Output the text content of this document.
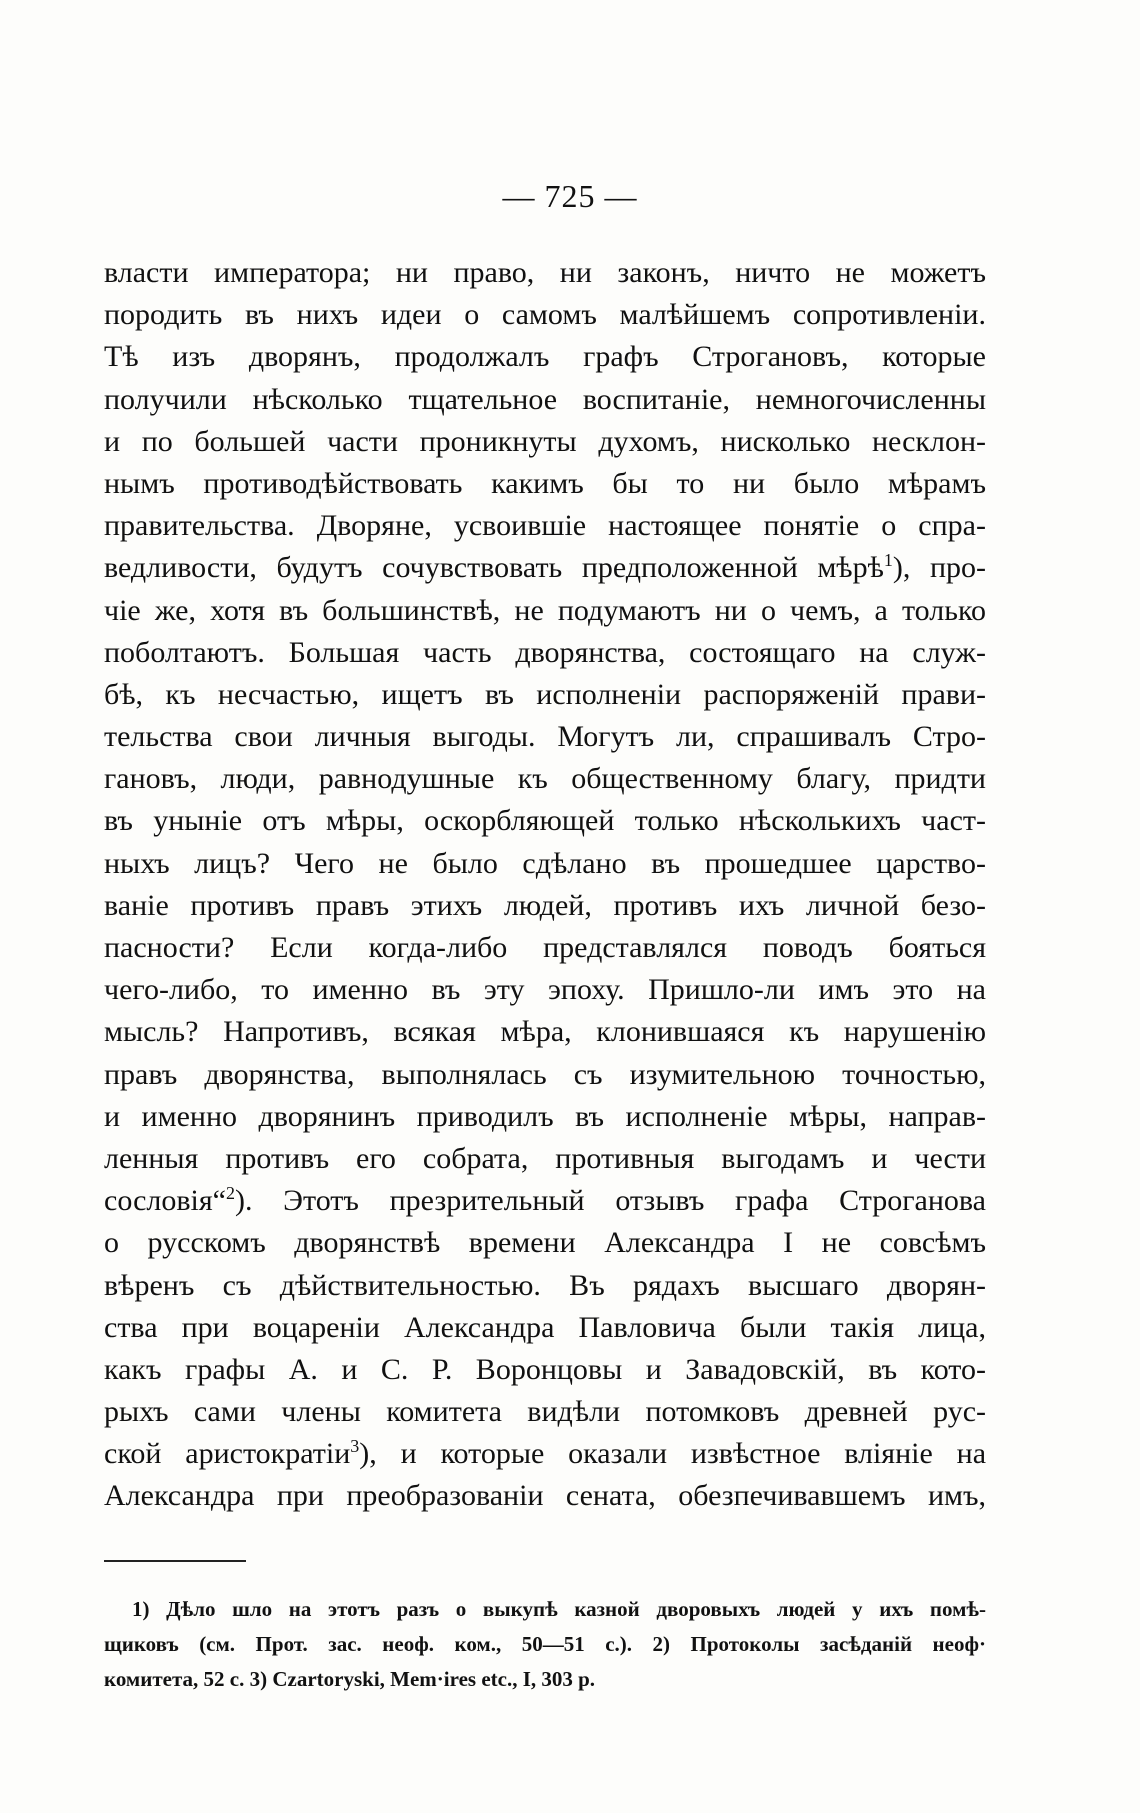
— 725 —
власти императора; ни право, ни законъ, ничто не можетъ
породить въ нихъ идеи о самомъ малѣйшемъ сопротивленіи.
Тѣ изъ дворянъ, продолжалъ графъ Строгановъ, которые
получили нѣсколько тщательное воспитаніе, немногочисленны
и по большей части проникнуты духомъ, нисколько несклон-
нымъ противодѣйствовать какимъ бы то ни было мѣрамъ
правительства. Дворяне, усвоившіе настоящее понятіе о спра-
ведливости, будутъ сочувствовать предположенной мѣрѣ$^1$), про-
чіе же, хотя въ большинствѣ, не подумаютъ ни о чемъ, а только
поболтаютъ. Большая часть дворянства, состоящаго на служ-
бѣ, къ несчастью, ищетъ въ исполненіи распоряженій прави-
тельства свои личныя выгоды. Могутъ ли, спрашивалъ Стро-
гановъ, люди, равнодушные къ общественному благу, придти
въ уныніе отъ мѣры, оскорбляющей только нѣсколькихъ част-
ныхъ лицъ? Чего не было сдѣлано въ прошедшее царство-
ваніе противъ правъ этихъ людей, противъ ихъ личной безо-
пасности? Если когда-либо представлялся поводъ бояться
чего-либо, то именно въ эту эпоху. Пришло-ли имъ это на
мысль? Напротивъ, всякая мѣра, клонившаяся къ нарушенію
правъ дворянства, выполнялась съ изумительною точностью,
и именно дворянинъ приводилъ въ исполненіе мѣры, направ-
ленныя противъ его собрата, противныя выгодамъ и чести
сословія“$^2$). Этотъ презрительный отзывъ графа Строганова
о русскомъ дворянствѣ времени Александра I не совсѣмъ
вѣренъ съ дѣйствительностью. Въ рядахъ высшаго дворян-
ства при воцареніи Александра Павловича были такія лица,
какъ графы А. и С. Р. Воронцовы и Завадовскій, въ кото-
рыхъ сами члены комитета видѣли потомковъ древней рус-
ской аристократіи$^3$), и которые оказали извѣстное вліяніе на
Александра при преобразованіи сената, обезпечивавшемъ имъ,
1) Дѣло шло на этотъ разъ о выкупѣ казной дворовыхъ людей у ихъ помѣ-
щиковъ (см. Прот. зас. неоф. ком., 50—51 с.). 2) Протоколы засѣданій неоф·
комитета, 52 с. 3) Czartoryski, Mem·ires etc., I, 303 p.
